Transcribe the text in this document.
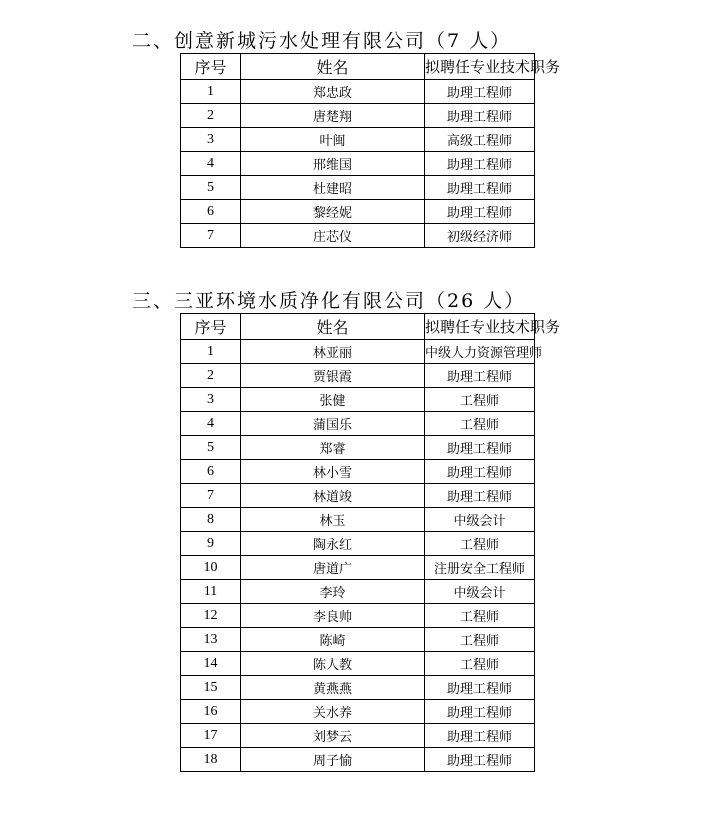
二、创意新城污水处理有限公司（7 人）
序号	姓名	拟聘任专业技术职务
1	郑忠政	助理工程师
2	唐楚翔	助理工程师
3	叶闽	高级工程师
4	邢维国	助理工程师
5	杜建昭	助理工程师
6	黎经妮	助理工程师
7	庄芯仪	初级经济师
三、三亚环境水质净化有限公司（26 人）
序号	姓名	拟聘任专业技术职务
1	林亚丽	中级人力资源管理师
2	贾银霞	助理工程师
3	张健	工程师
4	蒲国乐	工程师
5	郑睿	助理工程师
6	林小雪	助理工程师
7	林道竣	助理工程师
8	林玉	中级会计
9	陶永红	工程师
10	唐道广	注册安全工程师
11	李玲	中级会计
12	李良帅	工程师
13	陈崎	工程师
14	陈人教	工程师
15	黄燕燕	助理工程师
16	关水养	助理工程师
17	刘梦云	助理工程师
18	周子愉	助理工程师
